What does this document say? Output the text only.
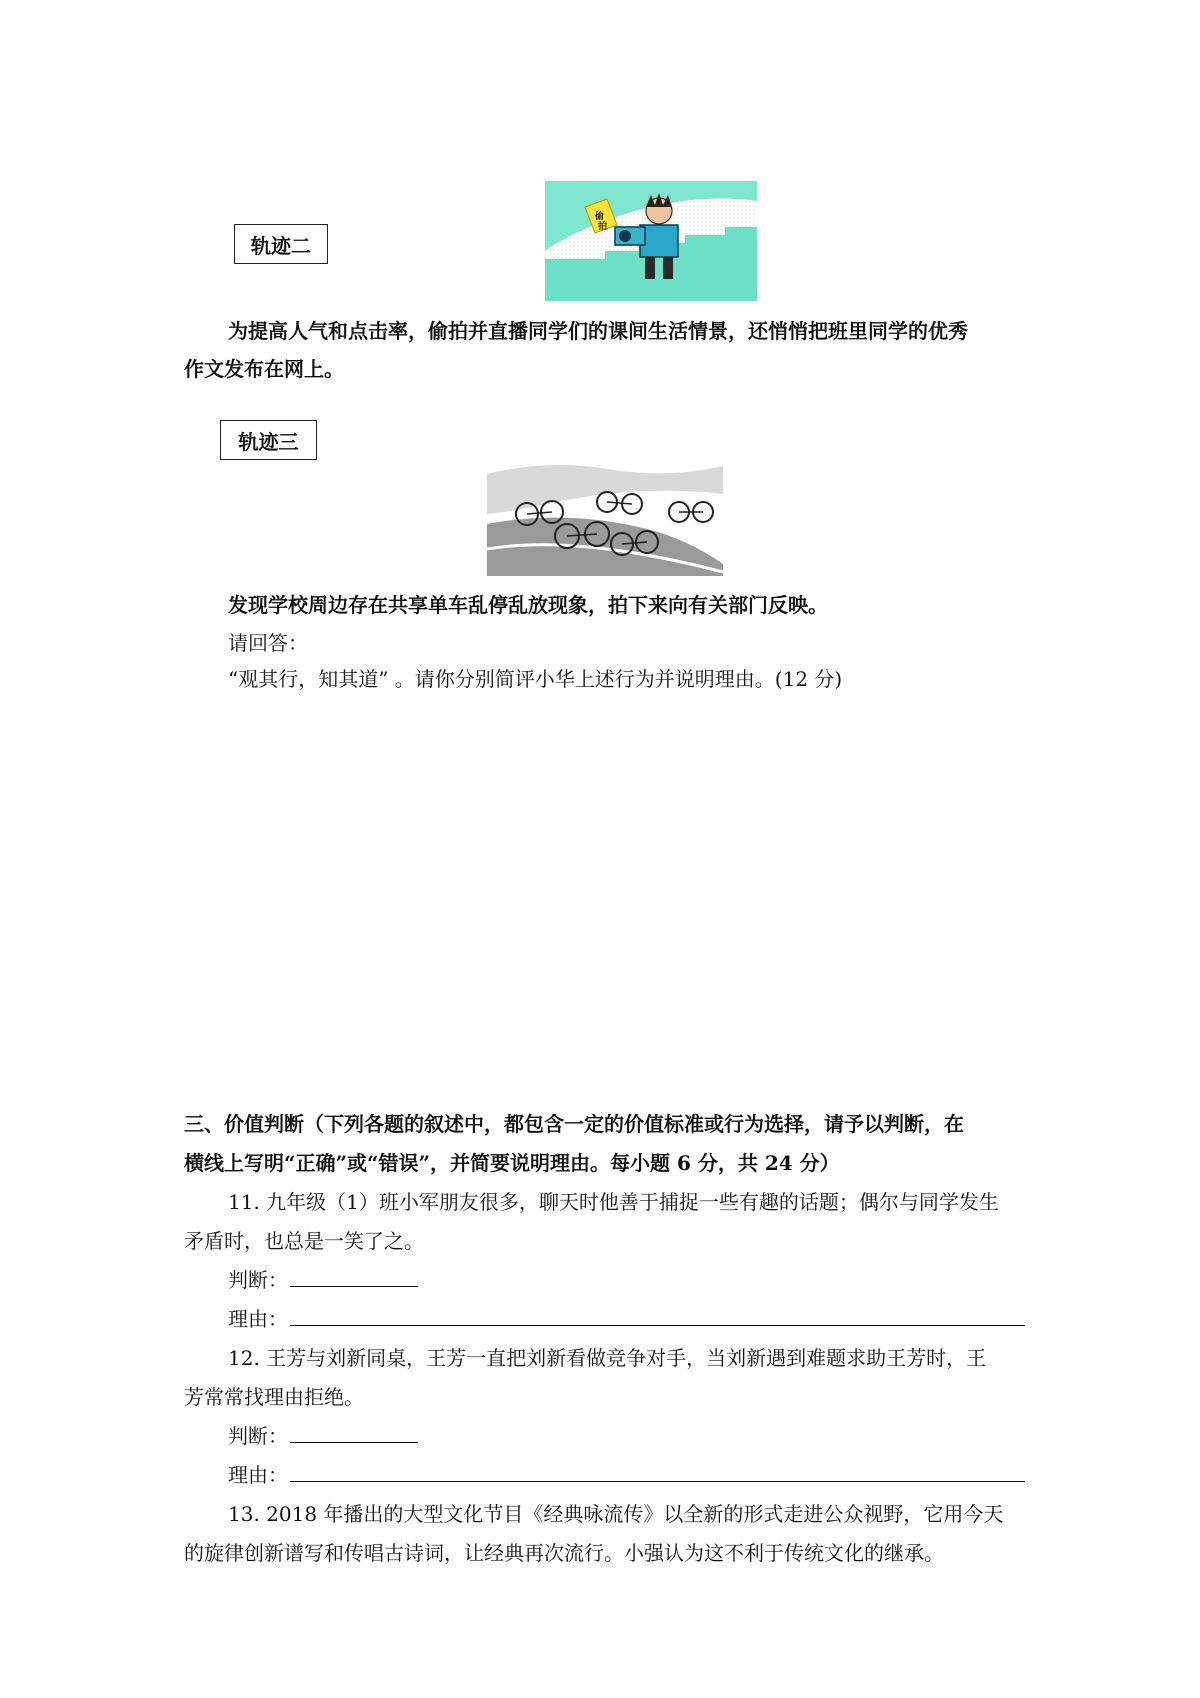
轨迹二
偷
拍
为提高人气和点击率，偷拍并直播同学们的课间生活情景，还悄悄把班里同学的优秀
作文发布在网上。
轨迹三
发现学校周边存在共享单车乱停乱放现象，拍下来向有关部门反映。
请回答：
“观其行，知其道” 。请你分别简评小华上述行为并说明理由。(12 分)
三、价值判断（下列各题的叙述中，都包含一定的价值标准或行为选择，请予以判断，在
横线上写明“正确”或“错误”，并简要说明理由。每小题 6 分，共 24 分）
11. 九年级（1）班小军朋友很多，聊天时他善于捕捉一些有趣的话题；偶尔与同学发生
矛盾时，也总是一笑了之。
判断：
理由：
12. 王芳与刘新同桌，王芳一直把刘新看做竞争对手，当刘新遇到难题求助王芳时，王
芳常常找理由拒绝。
判断：
理由：
13. 2018 年播出的大型文化节目《经典咏流传》以全新的形式走进公众视野，它用今天
的旋律创新谱写和传唱古诗词，让经典再次流行。小强认为这不利于传统文化的继承。
